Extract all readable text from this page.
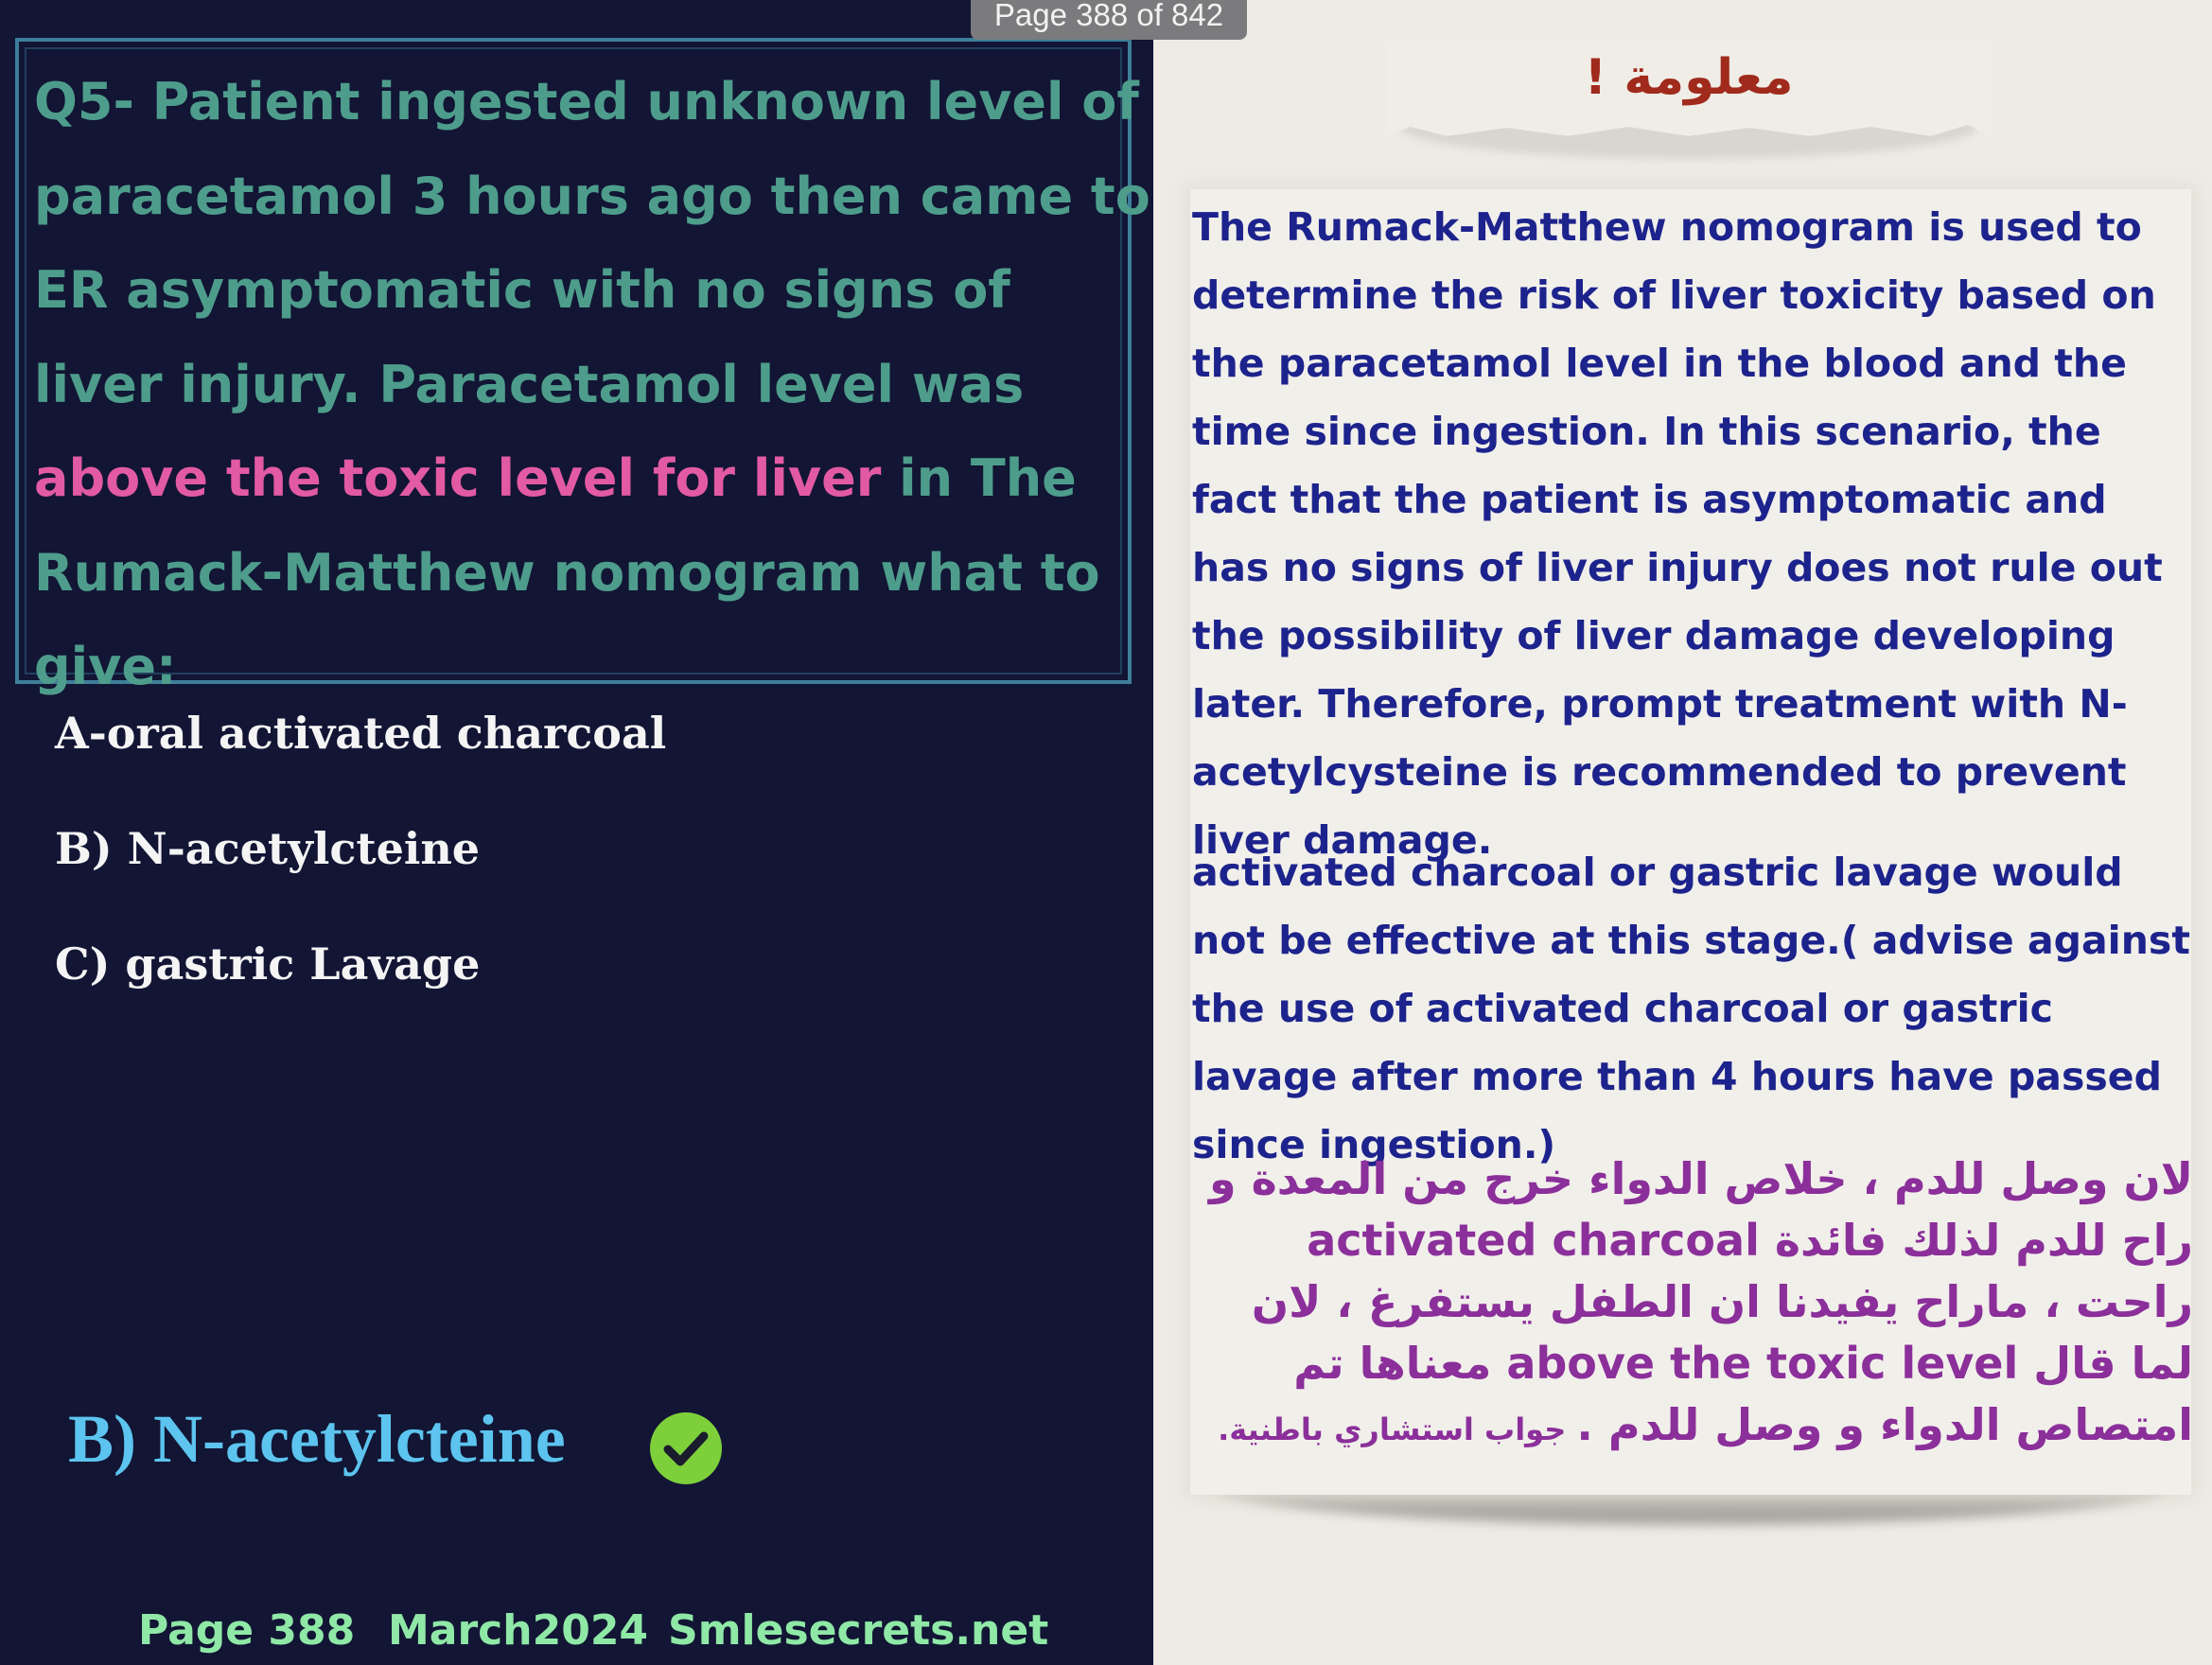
Page 388 of 842

Q5- Patient ingested unknown level of paracetamol 3 hours ago then came to ER asymptomatic with no signs of liver injury. Paracetamol level was above the toxic level for liver in The Rumack-Matthew nomogram what to give:

A-oral activated charcoal

B) N-acetylcteine

C) gastric Lavage

B) N-acetylcteine

Page 388 March2024 Smlesecrets.net

معلومة !

The Rumack-Matthew nomogram is used to determine the risk of liver toxicity based on the paracetamol level in the blood and the time since ingestion. In this scenario, the fact that the patient is asymptomatic and has no signs of liver injury does not rule out the possibility of liver damage developing later. Therefore, prompt treatment with N-acetylcysteine is recommended to prevent liver damage.

activated charcoal or gastric lavage would not be effective at this stage.( advise against the use of activated charcoal or gastric lavage after more than 4 hours have passed since ingestion.)

لان وصل للدم ، خلاص الدواء خرج من المعدة و راح للدم لذلك فائدة activated charcoal راحت ، ماراح يفيدنا ان الطفل يستفرغ ، لان لما قال above the toxic level معناها تم امتصاص الدواء و وصل للدم . جواب استشاري باطنية.
